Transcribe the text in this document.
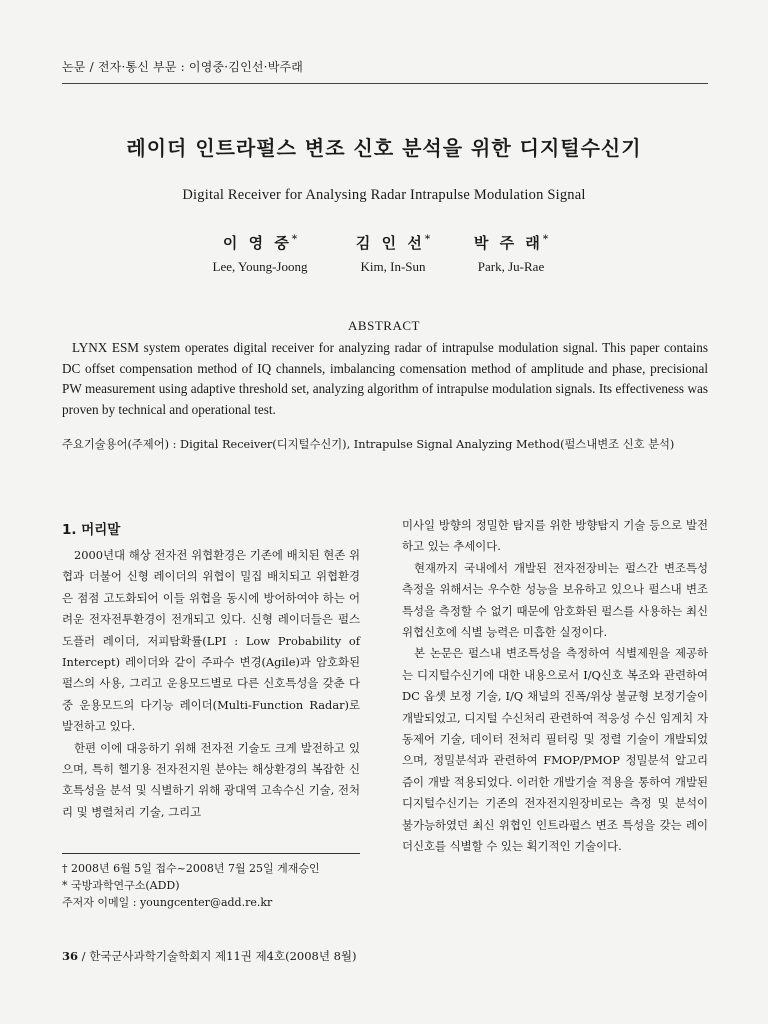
논문 / 전자·통신 부문 : 이영중·김인선·박주래
레이더 인트라펄스 변조 신호 분석을 위한 디지털수신기
Digital Receiver for Analysing Radar Intrapulse Modulation Signal
이 영 중*
Lee, Young-Joong
김 인 선*
Kim, In-Sun
박 주 래*
Park, Ju-Rae
ABSTRACT

LYNX ESM system operates digital receiver for analyzing radar of intrapulse modulation signal. This paper contains DC offset compensation method of IQ channels, imbalancing comensation method of amplitude and phase, precisional PW measurement using adaptive threshold set, analyzing algorithm of intrapulse modulation signals. Its effectiveness was proven by technical and operational test.

주요기술용어(주제어) : Digital Receiver(디지털수신기), Intrapulse Signal Analyzing Method(펄스내변조 신호 분석)
1. 머리말

2000년대 해상 전자전 위협환경은 기존에 배치된 현존 위협과 더불어 신형 레이더의 위협이 밀집 배치되고 위협환경은 점점 고도화되어 이들 위협을 동시에 방어하여야 하는 어려운 전자전투환경이 전개되고 있다. 신형 레이더들은 펄스 도플러 레이더, 저피탐확률(LPI : Low Probability of Intercept) 레이더와 같이 주파수 변경(Agile)과 암호화된 펄스의 사용, 그리고 운용모드별로 다른 신호특성을 갖춘 다중 운용모드의 다기능 레이더(Multi-Function Radar)로 발전하고 있다.

한편 이에 대응하기 위해 전자전 기술도 크게 발전하고 있으며, 특히 헬기용 전자전지원 분야는 해상환경의 복잡한 신호특성을 분석 및 식별하기 위해 광대역 고속수신 기술, 전처리 및 병렬처리 기술, 그리고

미사일 방향의 정밀한 탐지를 위한 방향탐지 기술 등으로 발전하고 있는 추세이다.

현재까지 국내에서 개발된 전자전장비는 펄스간 변조특성 측정을 위해서는 우수한 성능을 보유하고 있으나 펄스내 변조특성을 측정할 수 없기 때문에 암호화된 펄스를 사용하는 최신 위협신호에 식별 능력은 미흡한 실정이다.

본 논문은 펄스내 변조특성을 측정하여 식별제원을 제공하는 디지털수신기에 대한 내용으로서 I/Q신호 복조와 관련하여 DC 옵셋 보정 기술, I/Q 채널의 진폭/위상 불균형 보정기술이 개발되었고, 디지털 수신처리 관련하여 적응성 수신 임계치 자동제어 기술, 데이터 전처리 필터링 및 정렬 기술이 개발되었으며, 정밀분석과 관련하여 FMOP/PMOP 정밀분석 알고리즘이 개발 적용되었다. 이러한 개발기술 적용을 통하여 개발된 디지털수신기는 기존의 전자전지원장비로는 측정 및 분석이 불가능하였던 최신 위협인 인트라펄스 변조 특성을 갖는 레이더신호를 식별할 수 있는 획기적인 기술이다.

† 2008년 6월 5일 접수~2008년 7월 25일 게재승인
* 국방과학연구소(ADD)
주저자 이메일 : youngcenter@add.re.kr
36 / 한국군사과학기술학회지 제11권 제4호(2008년 8월)
